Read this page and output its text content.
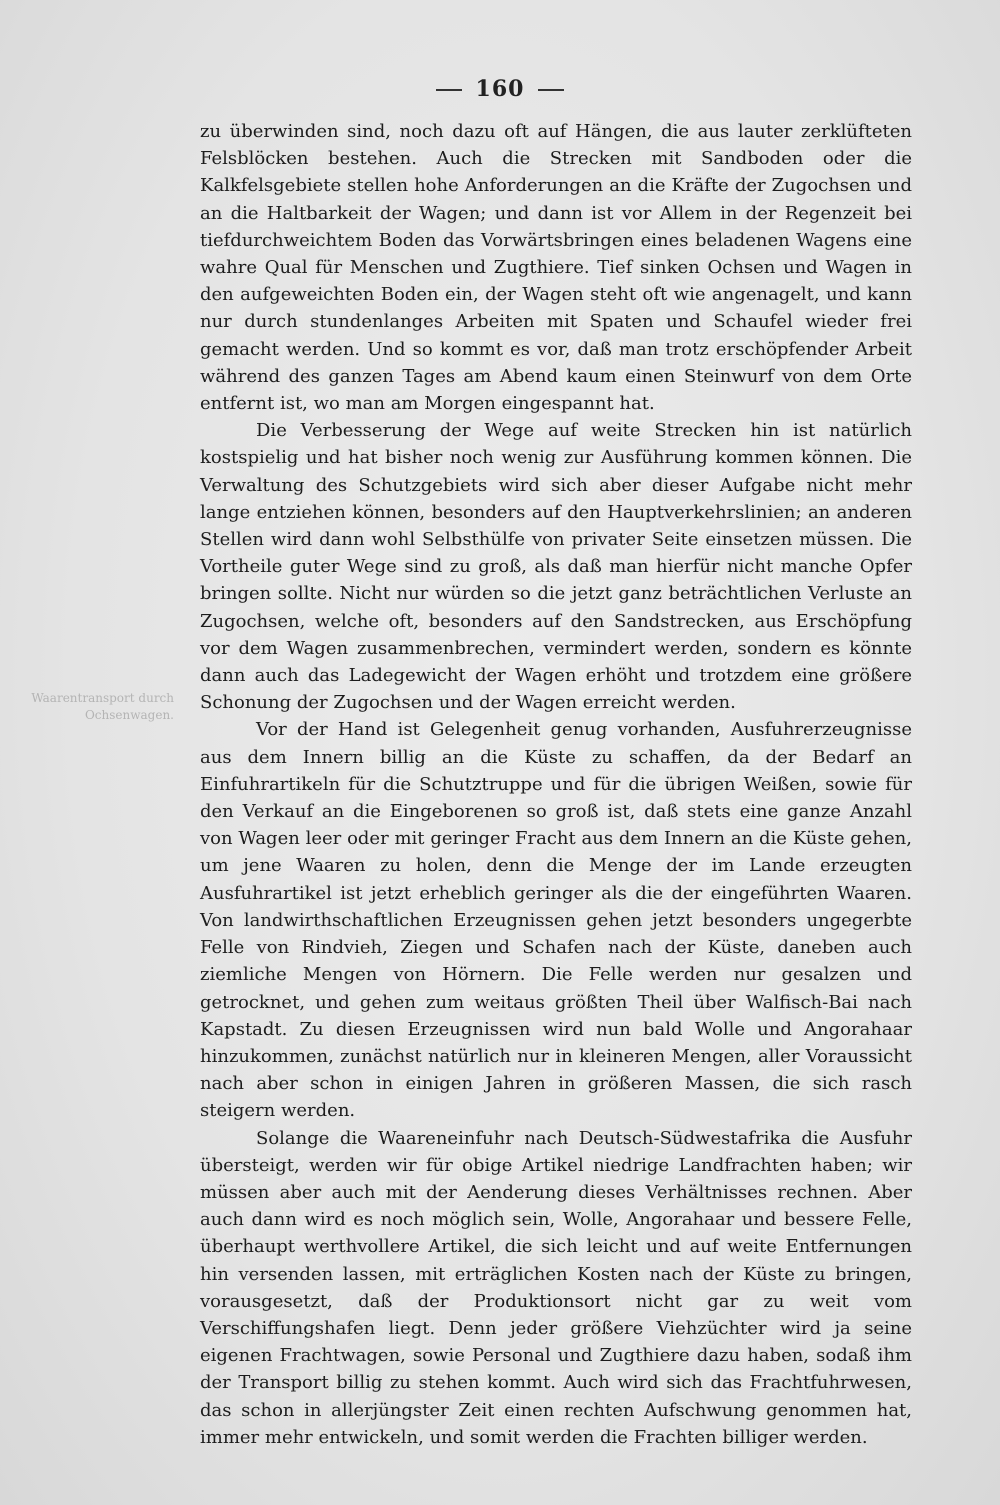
160
Waarentransport durch
Ochsenwagen.

zu überwinden sind, noch dazu oft auf Hängen, die aus lauter zerklüfteten Felsblöcken bestehen. Auch die Strecken mit Sandboden oder die Kalkfelsgebiete stellen hohe Anforderungen an die Kräfte der Zugochsen und an die Haltbarkeit der Wagen; und dann ist vor Allem in der Regenzeit bei tiefdurchweichtem Boden das Vorwärtsbringen eines beladenen Wagens eine wahre Qual für Menschen und Zugthiere. Tief sinken Ochsen und Wagen in den aufgeweichten Boden ein, der Wagen steht oft wie angenagelt, und kann nur durch stundenlanges Arbeiten mit Spaten und Schaufel wieder frei gemacht werden. Und so kommt es vor, daß man trotz erschöpfender Arbeit während des ganzen Tages am Abend kaum einen Steinwurf von dem Orte entfernt ist, wo man am Morgen eingespannt hat.

Die Verbesserung der Wege auf weite Strecken hin ist natürlich kostspielig und hat bisher noch wenig zur Ausführung kommen können. Die Verwaltung des Schutzgebiets wird sich aber dieser Aufgabe nicht mehr lange entziehen können, besonders auf den Hauptverkehrslinien; an anderen Stellen wird dann wohl Selbsthülfe von privater Seite einsetzen müssen. Die Vortheile guter Wege sind zu groß, als daß man hierfür nicht manche Opfer bringen sollte. Nicht nur würden so die jetzt ganz beträchtlichen Verluste an Zugochsen, welche oft, besonders auf den Sandstrecken, aus Erschöpfung vor dem Wagen zusammenbrechen, vermindert werden, sondern es könnte dann auch das Ladegewicht der Wagen erhöht und trotzdem eine größere Schonung der Zugochsen und der Wagen erreicht werden.

Vor der Hand ist Gelegenheit genug vorhanden, Ausfuhrerzeugnisse aus dem Innern billig an die Küste zu schaffen, da der Bedarf an Einfuhrartikeln für die Schutztruppe und für die übrigen Weißen, sowie für den Verkauf an die Eingeborenen so groß ist, daß stets eine ganze Anzahl von Wagen leer oder mit geringer Fracht aus dem Innern an die Küste gehen, um jene Waaren zu holen, denn die Menge der im Lande erzeugten Ausfuhrartikel ist jetzt erheblich geringer als die der eingeführten Waaren. Von landwirthschaftlichen Erzeugnissen gehen jetzt besonders ungegerbte Felle von Rindvieh, Ziegen und Schafen nach der Küste, daneben auch ziemliche Mengen von Hörnern. Die Felle werden nur gesalzen und getrocknet, und gehen zum weitaus größten Theil über Walfisch-Bai nach Kapstadt. Zu diesen Erzeugnissen wird nun bald Wolle und Angorahaar hinzukommen, zunächst natürlich nur in kleineren Mengen, aller Voraussicht nach aber schon in einigen Jahren in größeren Massen, die sich rasch steigern werden.

Solange die Waareneinfuhr nach Deutsch-Südwestafrika die Ausfuhr übersteigt, werden wir für obige Artikel niedrige Landfrachten haben; wir müssen aber auch mit der Aenderung dieses Verhältnisses rechnen. Aber auch dann wird es noch möglich sein, Wolle, Angorahaar und bessere Felle, überhaupt werthvollere Artikel, die sich leicht und auf weite Entfernungen hin versenden lassen, mit erträglichen Kosten nach der Küste zu bringen, vorausgesetzt, daß der Produktionsort nicht gar zu weit vom Verschiffungshafen liegt. Denn jeder größere Viehzüchter wird ja seine eigenen Frachtwagen, sowie Personal und Zugthiere dazu haben, sodaß ihm der Transport billig zu stehen kommt. Auch wird sich das Frachtfuhrwesen, das schon in allerjüngster Zeit einen rechten Aufschwung genommen hat, immer mehr entwickeln, und somit werden die Frachten billiger werden.
